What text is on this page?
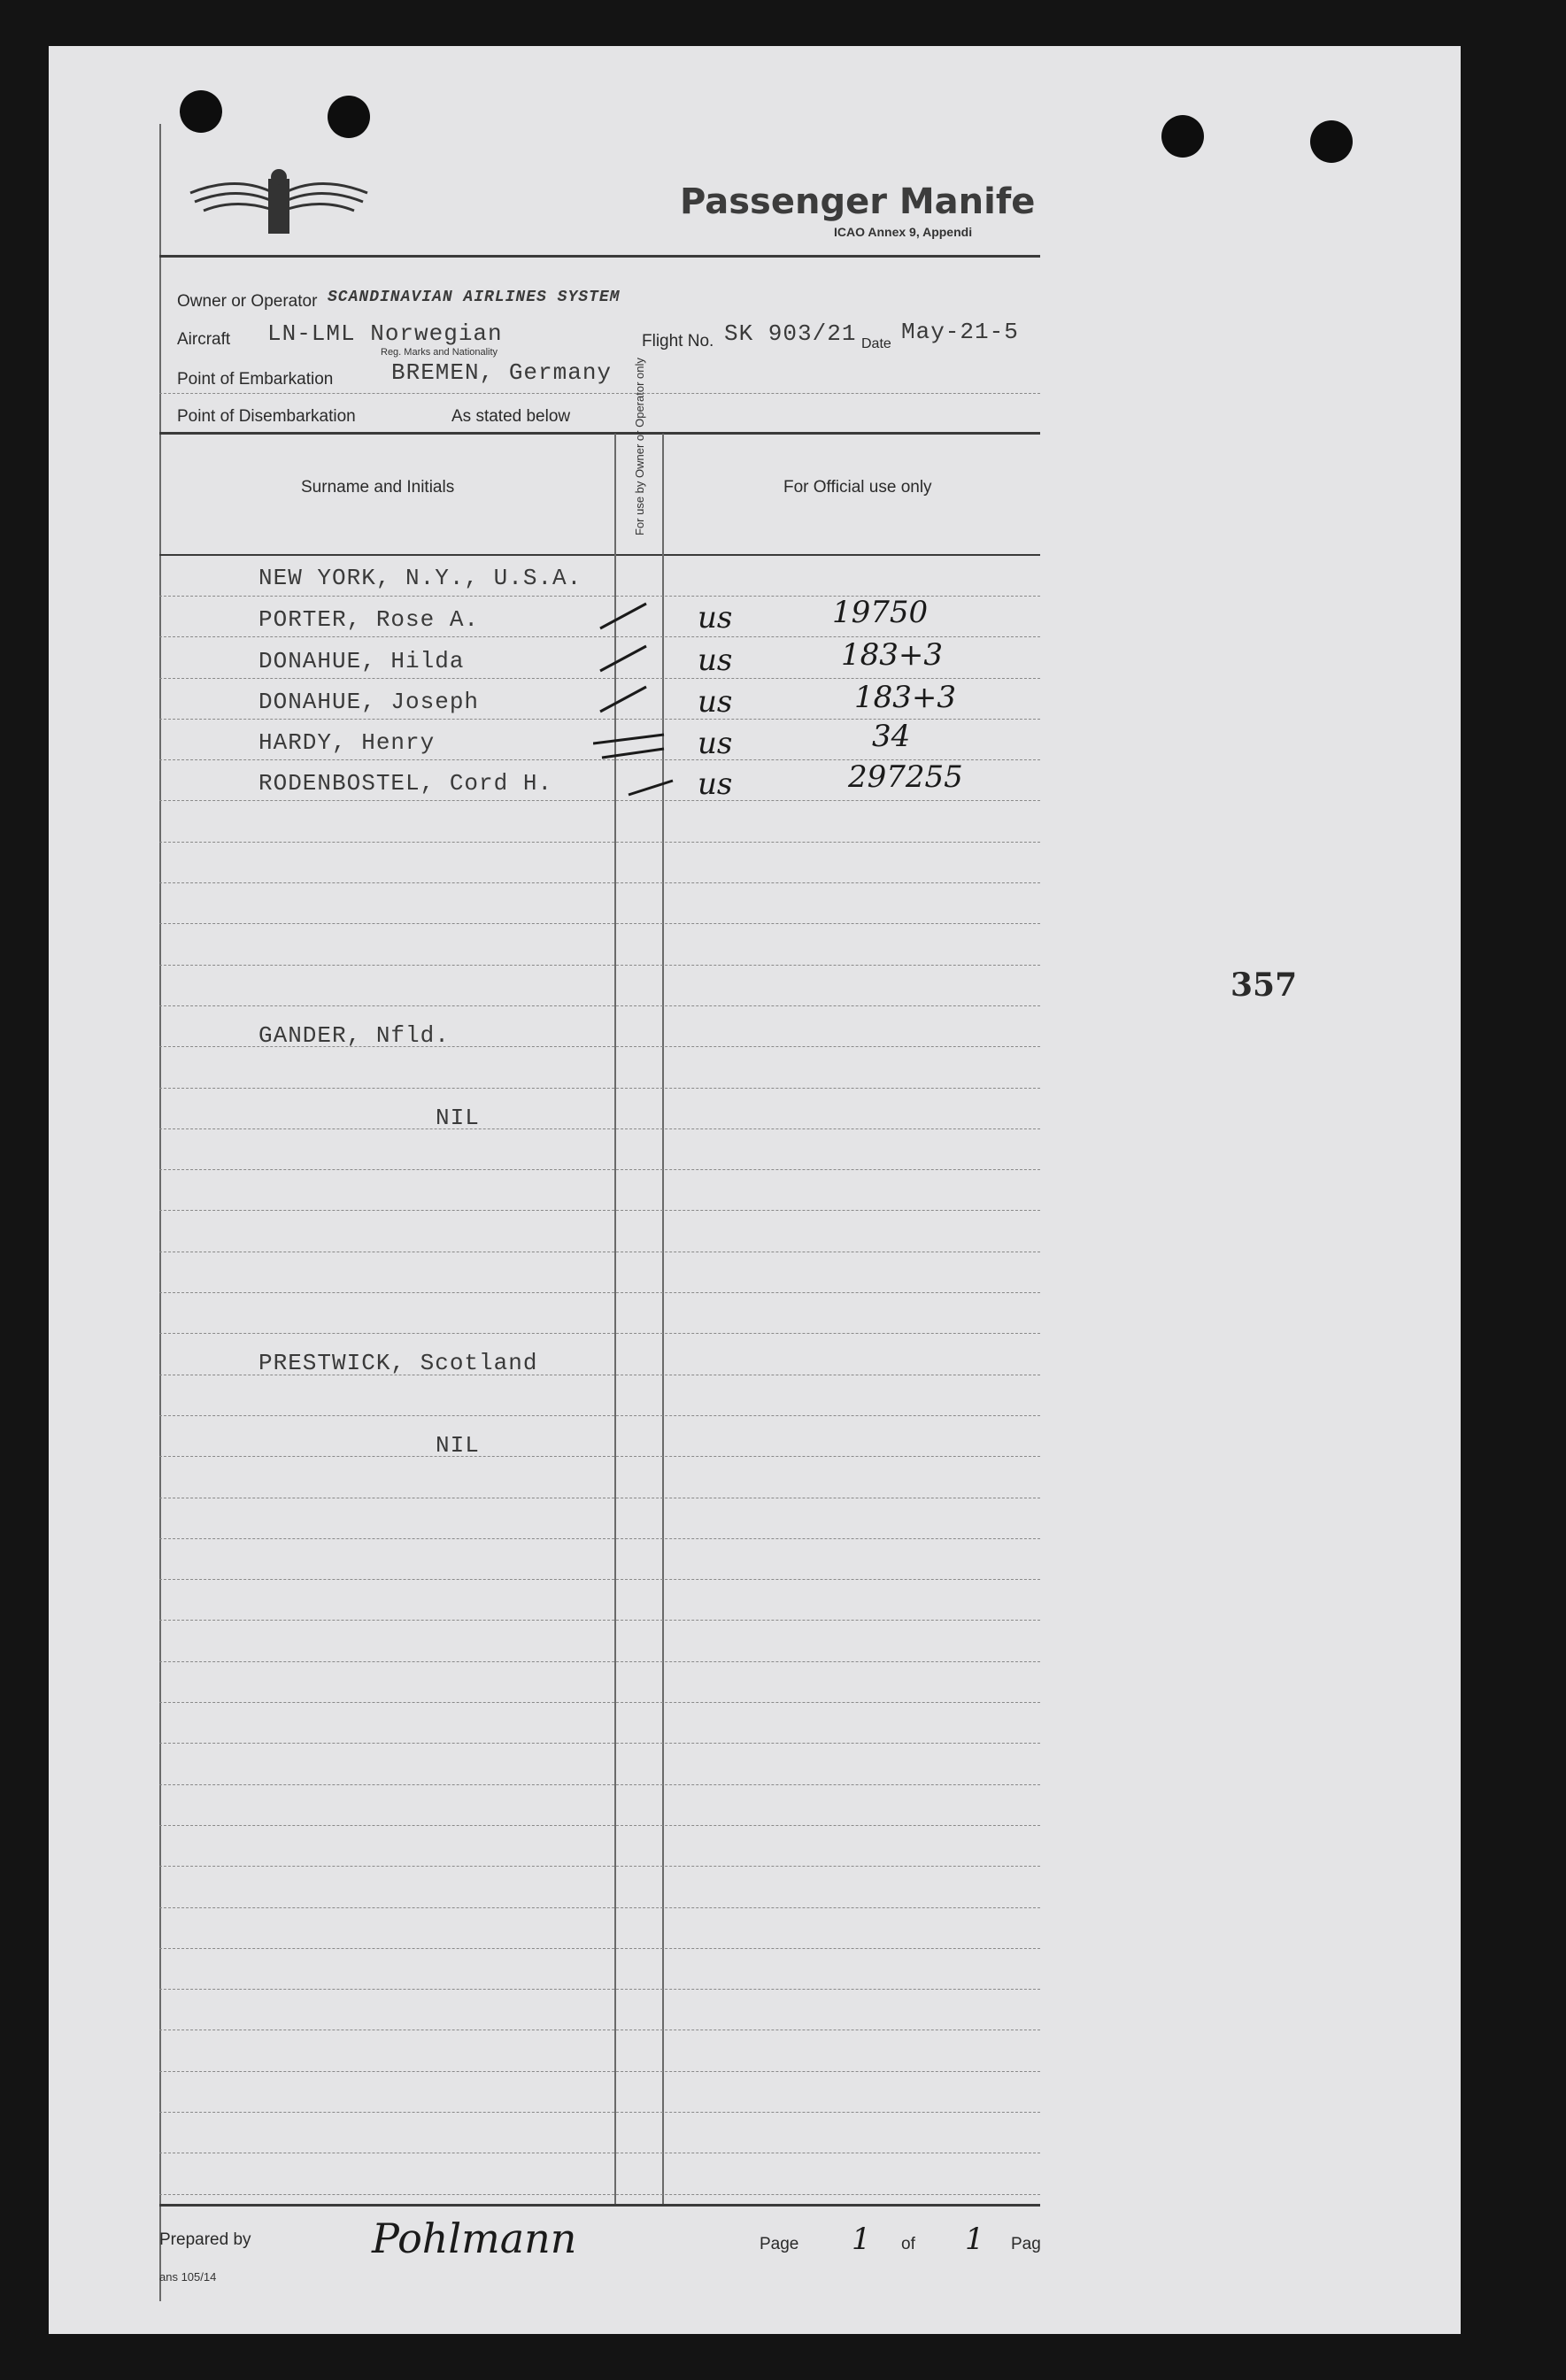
Passenger Manife
ICAO Annex 9, Appendi
Owner or Operator SCANDINAVIAN AIRLINES SYSTEM
Aircraft LN-LML Norwegian
Reg. Marks and Nationality
Flight No. SK 903/21 Date May-21-5
Point of Embarkation	BREMEN, Germany
Point of Disembarkation	As stated below
Surname and Initials	For use by Owner or Operator only	For Official use only
NEW YORK, N.Y., U.S.A.
PORTER, Rose A.	us	19750
DONAHUE, Hilda	us	183+3
DONAHUE, Joseph	us	183+3
HARDY, Henry	us	34
RODENBOSTEL, Cord H.	us	297255
GANDER, Nfld.
NIL
PRESTWICK, Scotland
NIL
Prepared by	Pohlmann	Page 1 of 1 Pag
ans 105/14
357
